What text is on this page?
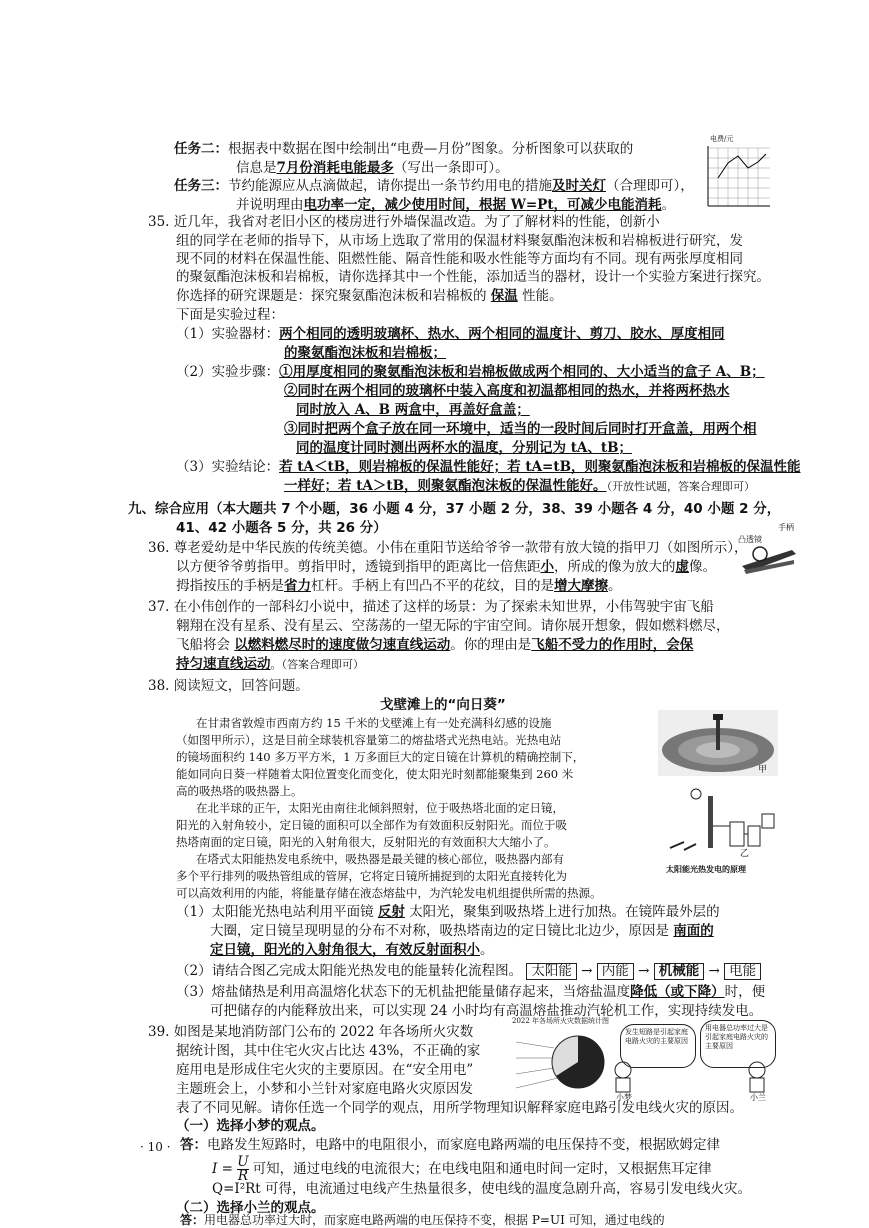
任务二：根据表中数据在图中绘制出“电费—月份”图象。分析图象可以获取的
信息是7月份消耗电能最多（写出一条即可）。
任务三：节约能源应从点滴做起，请你提出一条节约用电的措施及时关灯（合理即可），
并说明理由电功率一定，减少使用时间，根据 W=Pt，可减少电能消耗。
电费/元
35. 近几年，我省对老旧小区的楼房进行外墙保温改造。为了了解材料的性能，创新小
组的同学在老师的指导下，从市场上选取了常用的保温材料聚氨酯泡沫板和岩棉板进行研究，发
现不同的材料在保温性能、阻燃性能、隔音性能和吸水性能等方面均有不同。现有两张厚度相同
的聚氨酯泡沫板和岩棉板，请你选择其中一个性能，添加适当的器材，设计一个实验方案进行探究。
你选择的研究课题是：探究聚氨酯泡沫板和岩棉板的 保温 性能。
下面是实验过程：
（1）实验器材：两个相同的透明玻璃杯、热水、两个相同的温度计、剪刀、胶水、厚度相同
的聚氨酯泡沫板和岩棉板；
（2）实验步骤：①用厚度相同的聚氨酯泡沫板和岩棉板做成两个相同的、大小适当的盒子 A、B；
②同时在两个相同的玻璃杯中装入高度和初温都相同的热水，并将两杯热水
同时放入 A、B 两盒中，再盖好盒盖；
③同时把两个盒子放在同一环境中，适当的一段时间后同时打开盒盖，用两个相
同的温度计同时测出两杯水的温度，分别记为 tA、tB；
（3）实验结论：若 tA＜tB，则岩棉板的保温性能好；若 tA=tB，则聚氨酯泡沫板和岩棉板的保温性能
一样好；若 tA＞tB，则聚氨酯泡沫板的保温性能好。（开放性试题，答案合理即可）
九、综合应用（本大题共 7 个小题，36 小题 4 分，37 小题 2 分，38、39 小题各 4 分，40 小题 2 分，
41、42 小题各 5 分，共 26 分）
36. 尊老爱幼是中华民族的传统美德。小伟在重阳节送给爷爷一款带有放大镜的指甲刀（如图所示），
以方便爷爷剪指甲。剪指甲时，透镜到指甲的距离比一倍焦距小，所成的像为放大的虚像。
拇指按压的手柄是省力杠杆。手柄上有凹凸不平的花纹，目的是增大摩擦。
凸透镜
手柄
37. 在小伟创作的一部科幻小说中，描述了这样的场景：为了探索未知世界，小伟驾驶宇宙飞船
翱翔在没有星系、没有星云、空荡荡的一望无际的宇宙空间。请你展开想象，假如燃料燃尽，
飞船将会 以燃料燃尽时的速度做匀速直线运动。你的理由是飞船不受力的作用时，会保
持匀速直线运动。（答案合理即可）
38. 阅读短文，回答问题。
戈壁滩上的“向日葵”
在甘肃省敦煌市西南方约 15 千米的戈壁滩上有一处充满科幻感的设施
（如图甲所示），这是目前全球装机容量第二的熔盐塔式光热电站。光热电站
的镜场面积约 140 多万平方米，1 万多面巨大的定日镜在计算机的精确控制下，
能如同向日葵一样随着太阳位置变化而变化，使太阳光时刻都能聚集到 260 米
高的吸热塔的吸热器上。
在北半球的正午，太阳光由南往北倾斜照射，位于吸热塔北面的定日镜，
阳光的入射角较小，定日镜的面积可以全部作为有效面积反射阳光。而位于吸
热塔南面的定日镜，阳光的入射角很大，反射阳光的有效面积大大缩小了。
在塔式太阳能热发电系统中，吸热器是最关键的核心部位，吸热器内部有
多个平行排列的吸热管组成的管屏，它将定日镜所捕捉到的太阳光直接转化为
可以高效利用的内能，将能量存储在液态熔盐中，为汽轮发电机组提供所需的热源。
甲
乙
太阳能光热发电的原理
（1）太阳能光热电站利用平面镜 反射 太阳光，聚集到吸热塔上进行加热。在镜阵最外层的
大圈，定日镜呈现明显的分布不对称，吸热塔南边的定日镜比北边少，原因是 南面的
定日镜，阳光的入射角很大，有效反射面积小。
（2）请结合图乙完成太阳能光热发电的能量转化流程图。 太阳能 → 内能 → 机械能 → 电能
（3）熔盐储热是利用高温熔化状态下的无机盐把能量储存起来，当熔盐温度降低（或下降）时，便
可把储存的内能释放出来，可以实现 24 小时均有高温熔盐推动汽轮机工作，实现持续发电。
39. 如图是某地消防部门公布的 2022 年各场所火灾数
据统计图，其中住宅火灾占比达 43%，不正确的家
庭用电是形成住宅火灾的主要原因。在“安全用电”
主题班会上，小梦和小兰针对家庭电路火灾原因发
表了不同见解。请你任选一个同学的观点，用所学物理知识解释家庭电路引发电线火灾的原因。
2022 年各场所火灾数据统计图
发生短路是引起家庭电路火灾的主要原因
用电器总功率过大是引起家庭电路火灾的主要原因
小梦	小兰
（一）选择小梦的观点。
答：电路发生短路时，电路中的电阻很小，而家庭电路两端的电压保持不变，根据欧姆定律
$I = \frac{U}{R}$ 可知，通过电线的电流很大；在电线电阻和通电时间一定时，又根据焦耳定律
Q=I²Rt 可得，电流通过电线产生热量很多，使电线的温度急剧升高，容易引发电线火灾。
（二）选择小兰的观点。
答：用电器总功率过大时，而家庭电路两端的电压保持不变，根据 P=UI 可知，通过电线的
· 10 ·
